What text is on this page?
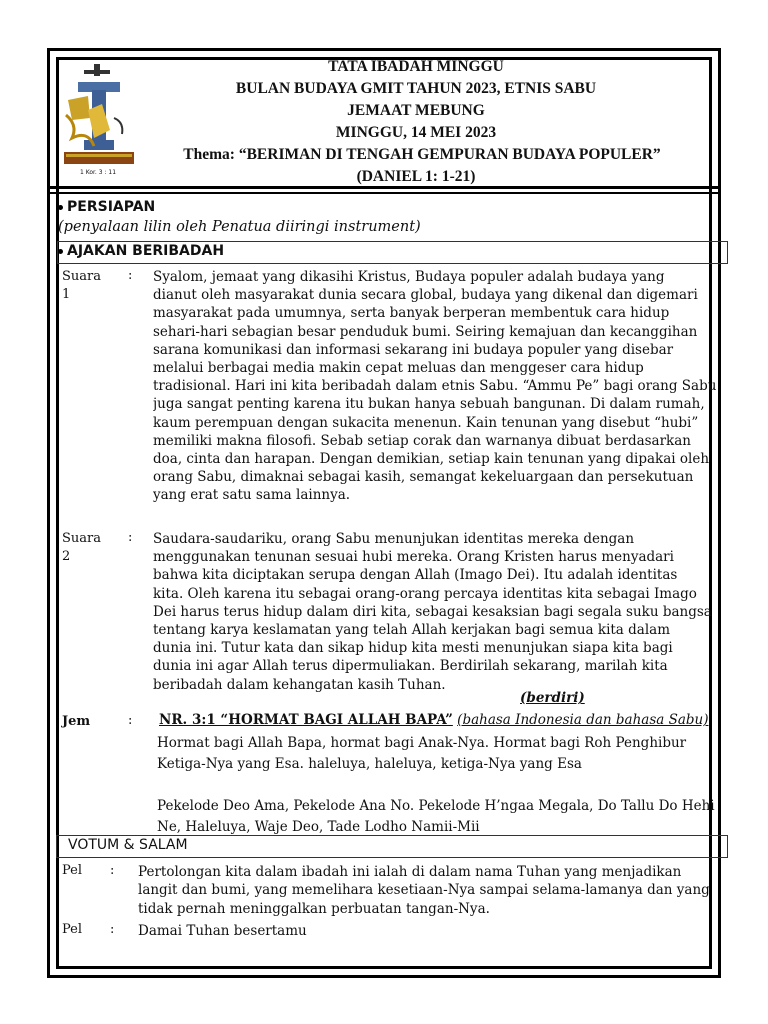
1 Kor. 3 : 11
TATA IBADAH MINGGU
BULAN BUDAYA GMIT TAHUN 2023, ETNIS SABU
JEMAAT MEBUNG
MINGGU, 14 MEI 2023
Thema: “BERIMAN DI TENGAH GEMPURAN BUDAYA POPULER”
(DANIEL 1: 1-21)
PERSIAPAN
(penyalaan lilin oleh Penatua diiringi instrument)
AJAKAN BERIBADAH
Suara
1
: Syalom, jemaat yang dikasihi Kristus, Budaya populer adalah budaya yang
dianut oleh masyarakat dunia secara global, budaya yang dikenal dan digemari
masyarakat pada umumnya, serta banyak berperan membentuk cara hidup
sehari-hari sebagian besar penduduk bumi. Seiring kemajuan dan kecanggihan
sarana komunikasi dan informasi sekarang ini budaya populer yang disebar
melalui berbagai media makin cepat meluas dan menggeser cara hidup
tradisional. Hari ini kita beribadah dalam etnis Sabu. “Ammu Pe” bagi orang Sabu
juga sangat penting karena itu bukan hanya sebuah bangunan. Di dalam rumah,
kaum perempuan dengan sukacita menenun. Kain tenunan yang disebut “hubi”
memiliki makna filosofi. Sebab setiap corak dan warnanya dibuat berdasarkan
doa, cinta dan harapan. Dengan demikian, setiap kain tenunan yang dipakai oleh
orang Sabu, dimaknai sebagai kasih, semangat kekeluargaan dan persekutuan
yang erat satu sama lainnya.
Suara
2
: Saudara-saudariku, orang Sabu menunjukan identitas mereka dengan
menggunakan tenunan sesuai hubi mereka. Orang Kristen harus menyadari
bahwa kita diciptakan serupa dengan Allah (Imago Dei). Itu adalah identitas
kita. Oleh karena itu sebagai orang-orang percaya identitas kita sebagai Imago
Dei harus terus hidup dalam diri kita, sebagai kesaksian bagi segala suku bangsa
tentang karya keslamatan yang telah Allah kerjakan bagi semua kita dalam
dunia ini. Tutur kata dan sikap hidup kita mesti menunjukan siapa kita bagi
dunia ini agar Allah terus dipermuliakan. Berdirilah sekarang, marilah kita
beribadah dalam kehangatan kasih Tuhan.
(berdiri)
Jem	: NR. 3:1 “HORMAT BAGI ALLAH BAPA” (bahasa Indonesia dan bahasa Sabu)
Hormat bagi Allah Bapa, hormat bagi Anak-Nya. Hormat bagi Roh Penghibur
Ketiga-Nya yang Esa. haleluya, haleluya, ketiga-Nya yang Esa
Pekelode Deo Ama, Pekelode Ana No. Pekelode H’ngaa Megala, Do Tallu Do Hehi
Ne, Haleluya, Waje Deo, Tade Lodho Namii-Mii
VOTUM & SALAM
Pel : Pertolongan kita dalam ibadah ini ialah di dalam nama Tuhan yang menjadikan
langit dan bumi, yang memelihara kesetiaan-Nya sampai selama-lamanya dan yang
tidak pernah meninggalkan perbuatan tangan-Nya.
Pel : Damai Tuhan besertamu
